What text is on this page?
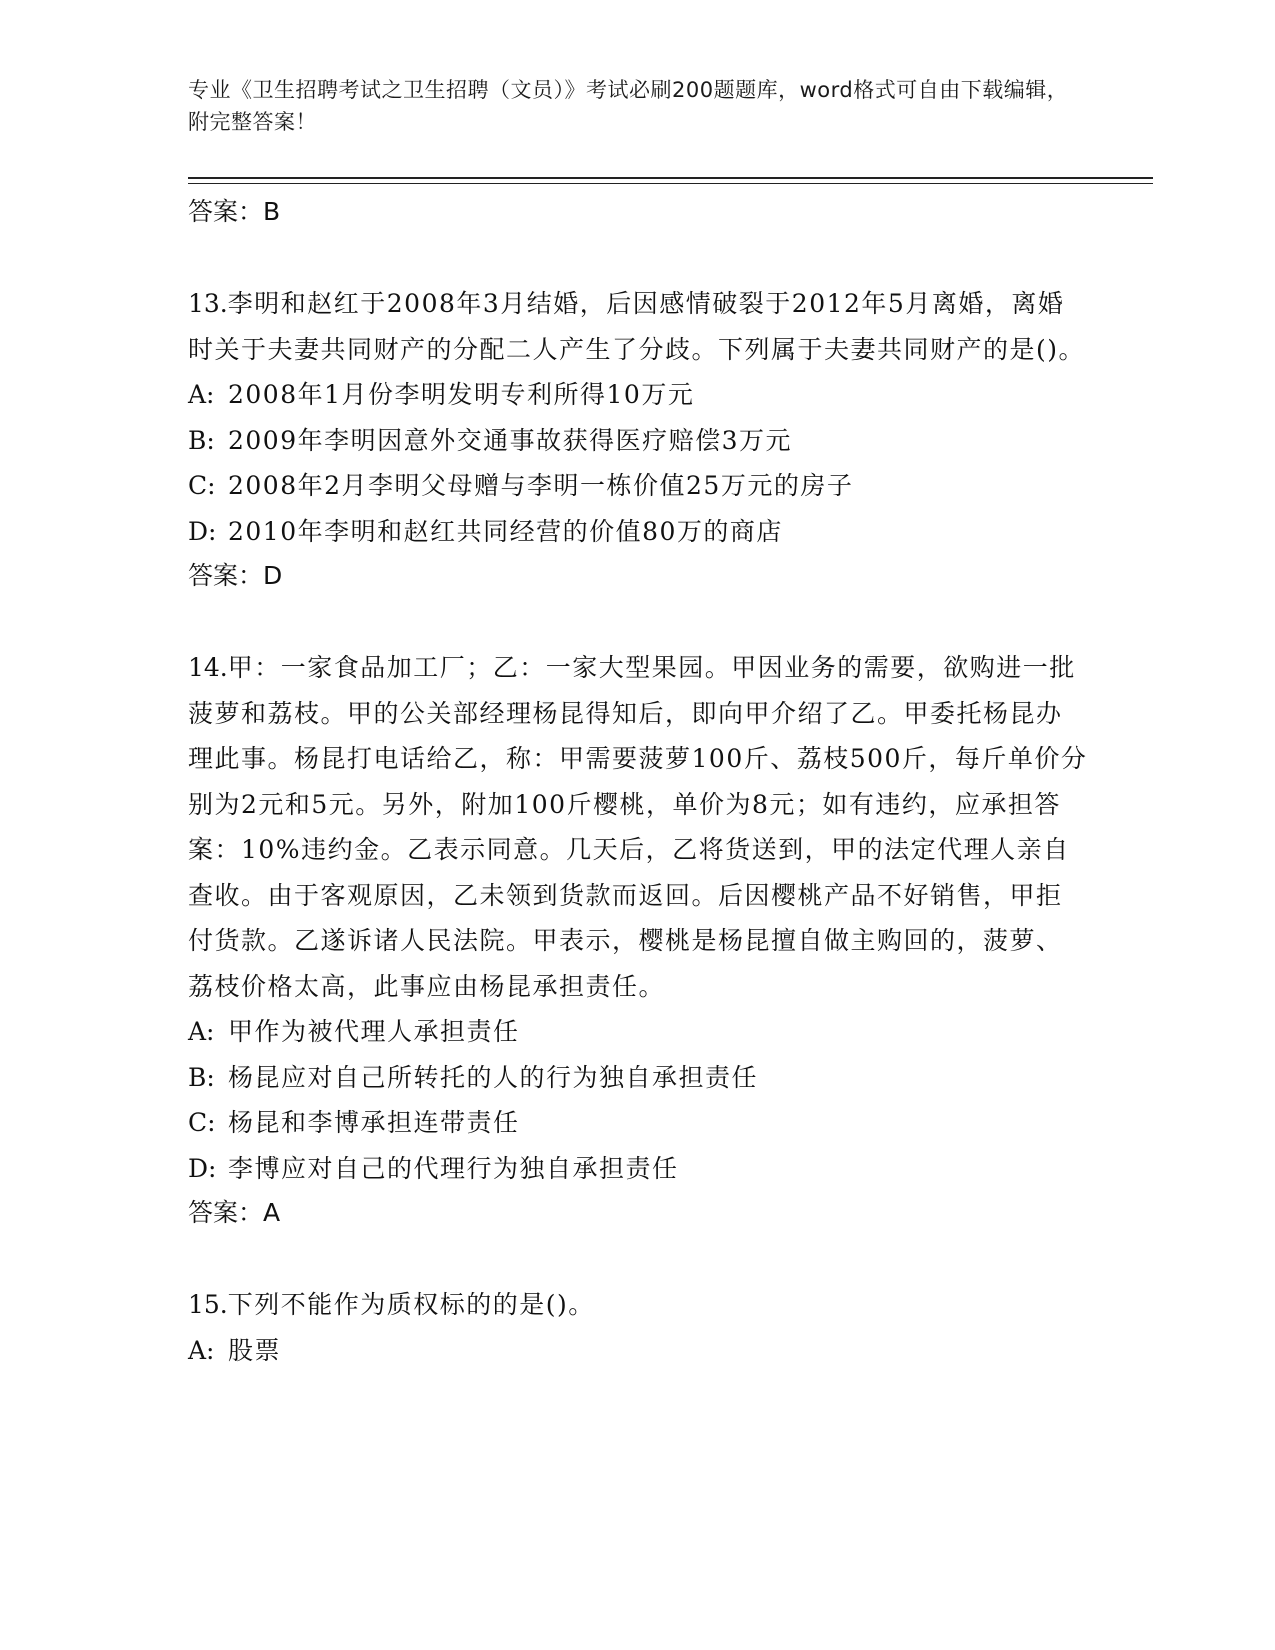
专业《卫生招聘考试之卫生招聘（文员）》考试必刷200题题库，word格式可自由下载编辑，附完整答案！
答案：B
13.李明和赵红于2008年3月结婚，后因感情破裂于2012年5月离婚，离婚时关于夫妻共同财产的分配二人产生了分歧。下列属于夫妻共同财产的是()。
A: 2008年1月份李明发明专利所得10万元
B: 2009年李明因意外交通事故获得医疗赔偿3万元
C: 2008年2月李明父母赠与李明一栋价值25万元的房子
D: 2010年李明和赵红共同经营的价值80万的商店
答案：D
14.甲：一家食品加工厂；乙：一家大型果园。甲因业务的需要，欲购进一批菠萝和荔枝。甲的公关部经理杨昆得知后，即向甲介绍了乙。甲委托杨昆办理此事。杨昆打电话给乙，称：甲需要菠萝100斤、荔枝500斤，每斤单价分别为2元和5元。另外，附加100斤樱桃，单价为8元；如有违约，应承担答案：10%违约金。乙表示同意。几天后，乙将货送到，甲的法定代理人亲自查收。由于客观原因，乙未领到货款而返回。后因樱桃产品不好销售，甲拒付货款。乙遂诉诸人民法院。甲表示，樱桃是杨昆擅自做主购回的，菠萝、荔枝价格太高，此事应由杨昆承担责任。
A: 甲作为被代理人承担责任
B: 杨昆应对自己所转托的人的行为独自承担责任
C: 杨昆和李博承担连带责任
D: 李博应对自己的代理行为独自承担责任
答案：A
15.下列不能作为质权标的的是()。
A: 股票
